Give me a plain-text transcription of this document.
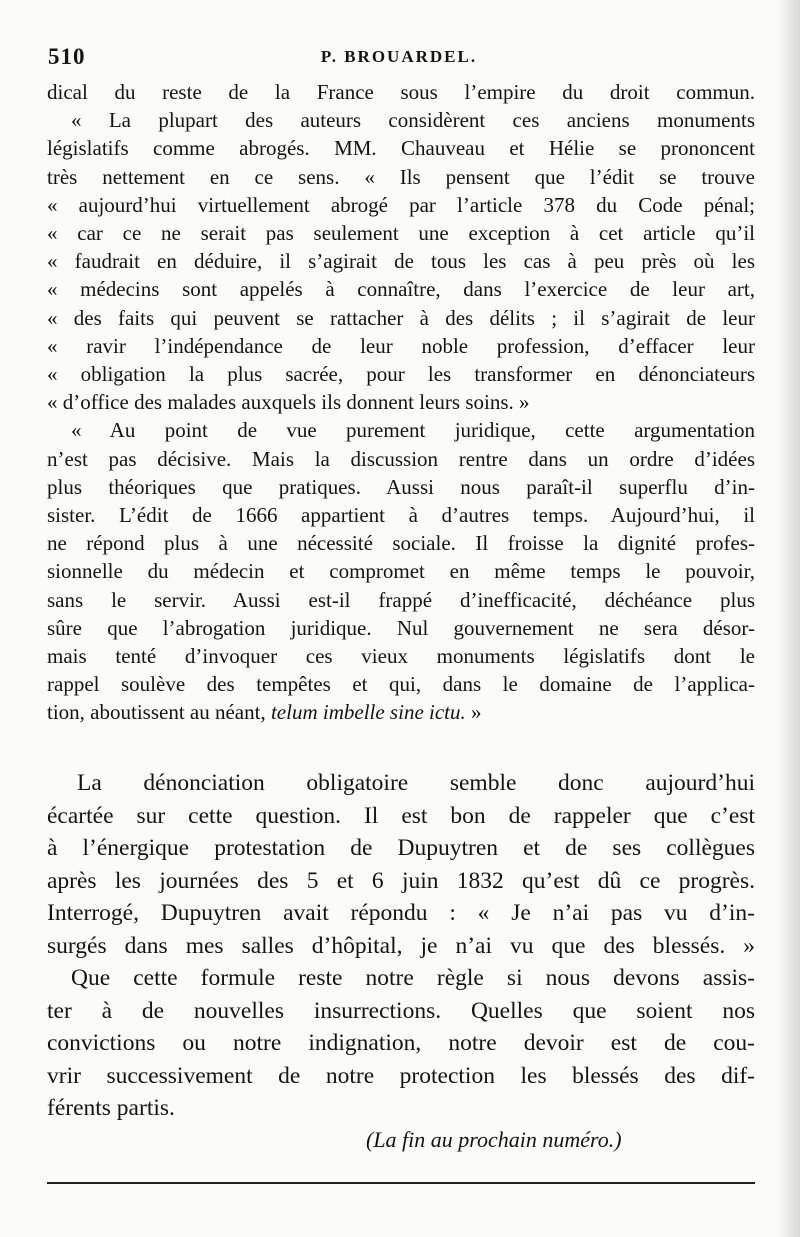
510	P. BROUARDEL.
dical du reste de la France sous l’empire du droit commun.
« La plupart des auteurs considèrent ces anciens monuments
législatifs comme abrogés. MM. Chauveau et Hélie se prononcent
très nettement en ce sens. « Ils pensent que l’édit se trouve
« aujourd’hui virtuellement abrogé par l’article 378 du Code pénal;
« car ce ne serait pas seulement une exception à cet article qu’il
« faudrait en déduire, il s’agirait de tous les cas à peu près où les
« médecins sont appelés à connaître, dans l’exercice de leur art,
« des faits qui peuvent se rattacher à des délits ; il s’agirait de leur
« ravir l’indépendance de leur noble profession, d’effacer leur
« obligation la plus sacrée, pour les transformer en dénonciateurs
« d’office des malades auxquels ils donnent leurs soins. »
« Au point de vue purement juridique, cette argumentation
n’est pas décisive. Mais la discussion rentre dans un ordre d’idées
plus théoriques que pratiques. Aussi nous paraît-il superflu d’in-
sister. L’édit de 1666 appartient à d’autres temps. Aujourd’hui, il
ne répond plus à une nécessité sociale. Il froisse la dignité profes-
sionnelle du médecin et compromet en même temps le pouvoir,
sans le servir. Aussi est-il frappé d’inefficacité, déchéance plus
sûre que l’abrogation juridique. Nul gouvernement ne sera désor-
mais tenté d’invoquer ces vieux monuments législatifs dont le
rappel soulève des tempêtes et qui, dans le domaine de l’applica-
tion, aboutissent au néant, telum imbelle sine ictu. »
La dénonciation obligatoire semble donc aujourd’hui
écartée sur cette question. Il est bon de rappeler que c’est
à l’énergique protestation de Dupuytren et de ses collègues
après les journées des 5 et 6 juin 1832 qu’est dû ce progrès.
Interrogé, Dupuytren avait répondu : « Je n’ai pas vu d’in-
surgés dans mes salles d’hôpital, je n’ai vu que des blessés. »
Que cette formule reste notre règle si nous devons assis-
ter à de nouvelles insurrections. Quelles que soient nos
convictions ou notre indignation, notre devoir est de cou-
vrir successivement de notre protection les blessés des dif-
férents partis.
(La fin au prochain numéro.)
